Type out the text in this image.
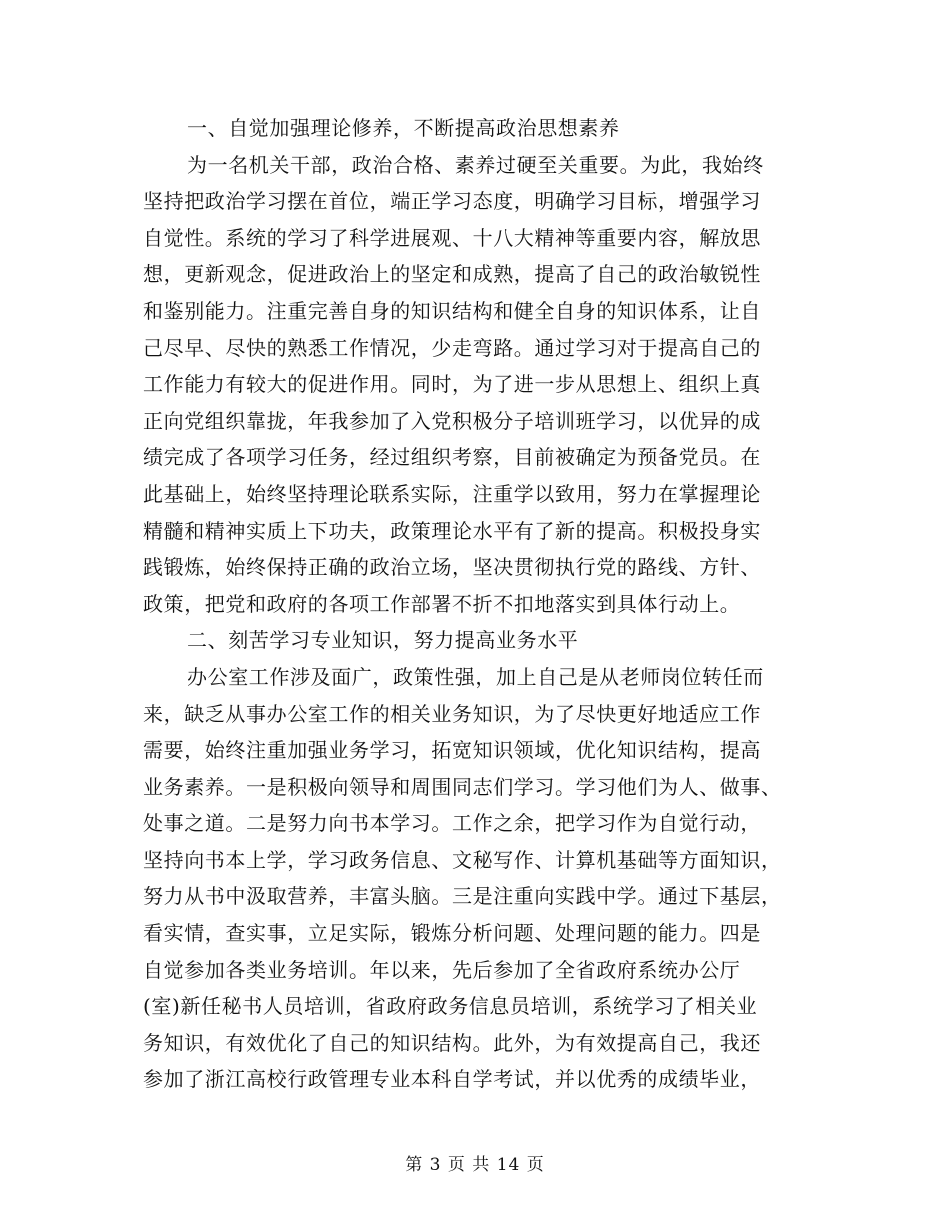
一、自觉加强理论修养，不断提高政治思想素养
为一名机关干部，政治合格、素养过硬至关重要。为此，我始终
坚持把政治学习摆在首位，端正学习态度，明确学习目标，增强学习
自觉性。系统的学习了科学进展观、十八大精神等重要内容，解放思
想，更新观念，促进政治上的坚定和成熟，提高了自己的政治敏锐性
和鉴别能力。注重完善自身的知识结构和健全自身的知识体系，让自
己尽早、尽快的熟悉工作情况，少走弯路。通过学习对于提高自己的
工作能力有较大的促进作用。同时，为了进一步从思想上、组织上真
正向党组织靠拢，年我参加了入党积极分子培训班学习，以优异的成
绩完成了各项学习任务，经过组织考察，目前被确定为预备党员。在
此基础上，始终坚持理论联系实际，注重学以致用，努力在掌握理论
精髓和精神实质上下功夫，政策理论水平有了新的提高。积极投身实
践锻炼，始终保持正确的政治立场，坚决贯彻执行党的路线、方针、
政策，把党和政府的各项工作部署不折不扣地落实到具体行动上。
二、刻苦学习专业知识，努力提高业务水平
办公室工作涉及面广，政策性强，加上自己是从老师岗位转任而
来，缺乏从事办公室工作的相关业务知识，为了尽快更好地适应工作
需要，始终注重加强业务学习，拓宽知识领域，优化知识结构，提高
业务素养。一是积极向领导和周围同志们学习。学习他们为人、做事、
处事之道。二是努力向书本学习。工作之余，把学习作为自觉行动，
坚持向书本上学，学习政务信息、文秘写作、计算机基础等方面知识，
努力从书中汲取营养，丰富头脑。三是注重向实践中学。通过下基层，
看实情，查实事，立足实际，锻炼分析问题、处理问题的能力。四是
自觉参加各类业务培训。年以来，先后参加了全省政府系统办公厅
(室)新任秘书人员培训，省政府政务信息员培训，系统学习了相关业
务知识，有效优化了自己的知识结构。此外，为有效提高自己，我还
参加了浙江高校行政管理专业本科自学考试，并以优秀的成绩毕业，
第 3 页 共 14 页
